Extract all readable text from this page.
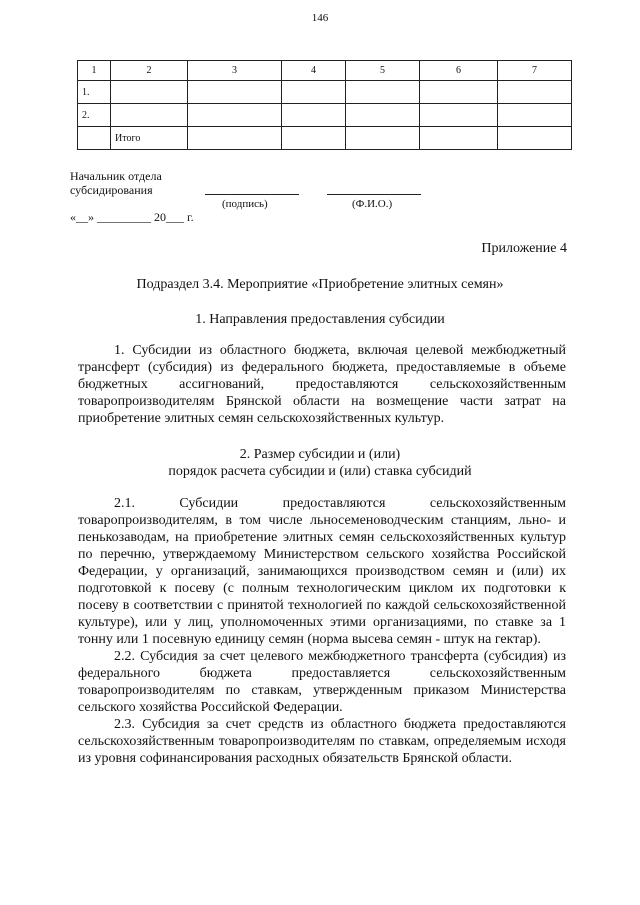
146
1	2	3	4	5	6	7
1.						
2.						
	Итого					
Начальник отдела
субсидирования
(подпись)	(Ф.И.О.)
«__» _________ 20___ г.
Приложение 4
Подраздел 3.4. Мероприятие «Приобретение элитных семян»
1. Направления предоставления субсидии

1. Субсидии из областного бюджета, включая целевой межбюджетный трансферт (субсидия) из федерального бюджета, предоставляемые в объеме бюджетных ассигнований, предоставляются сельскохозяйственным товаропроизводителям Брянской области на возмещение части затрат на приобретение элитных семян сельскохозяйственных культур.

2. Размер субсидии и (или)
порядок расчета субсидии и (или) ставка субсидий

2.1. Субсидии предоставляются сельскохозяйственным товаропроизводителям, в том числе льносеменоводческим станциям, льно- и пенькозаводам, на приобретение элитных семян сельскохозяйственных культур по перечню, утверждаемому Министерством сельского хозяйства Российской Федерации, у организаций, занимающихся производством семян и (или) их подготовкой к посеву (с полным технологическим циклом их подготовки к посеву в соответствии с принятой технологией по каждой сельскохозяйственной культуре), или у лиц, уполномоченных этими организациями, по ставке за 1 тонну или 1 посевную единицу семян (норма высева семян - штук на гектар).

2.2. Субсидия за счет целевого межбюджетного трансферта (субсидия) из федерального бюджета предоставляется сельскохозяйственным товаропроизводителям по ставкам, утвержденным приказом Министерства сельского хозяйства Российской Федерации.

2.3. Субсидия за счет средств из областного бюджета предоставляются сельскохозяйственным товаропроизводителям по ставкам, определяемым исходя из уровня софинансирования расходных обязательств Брянской области.
